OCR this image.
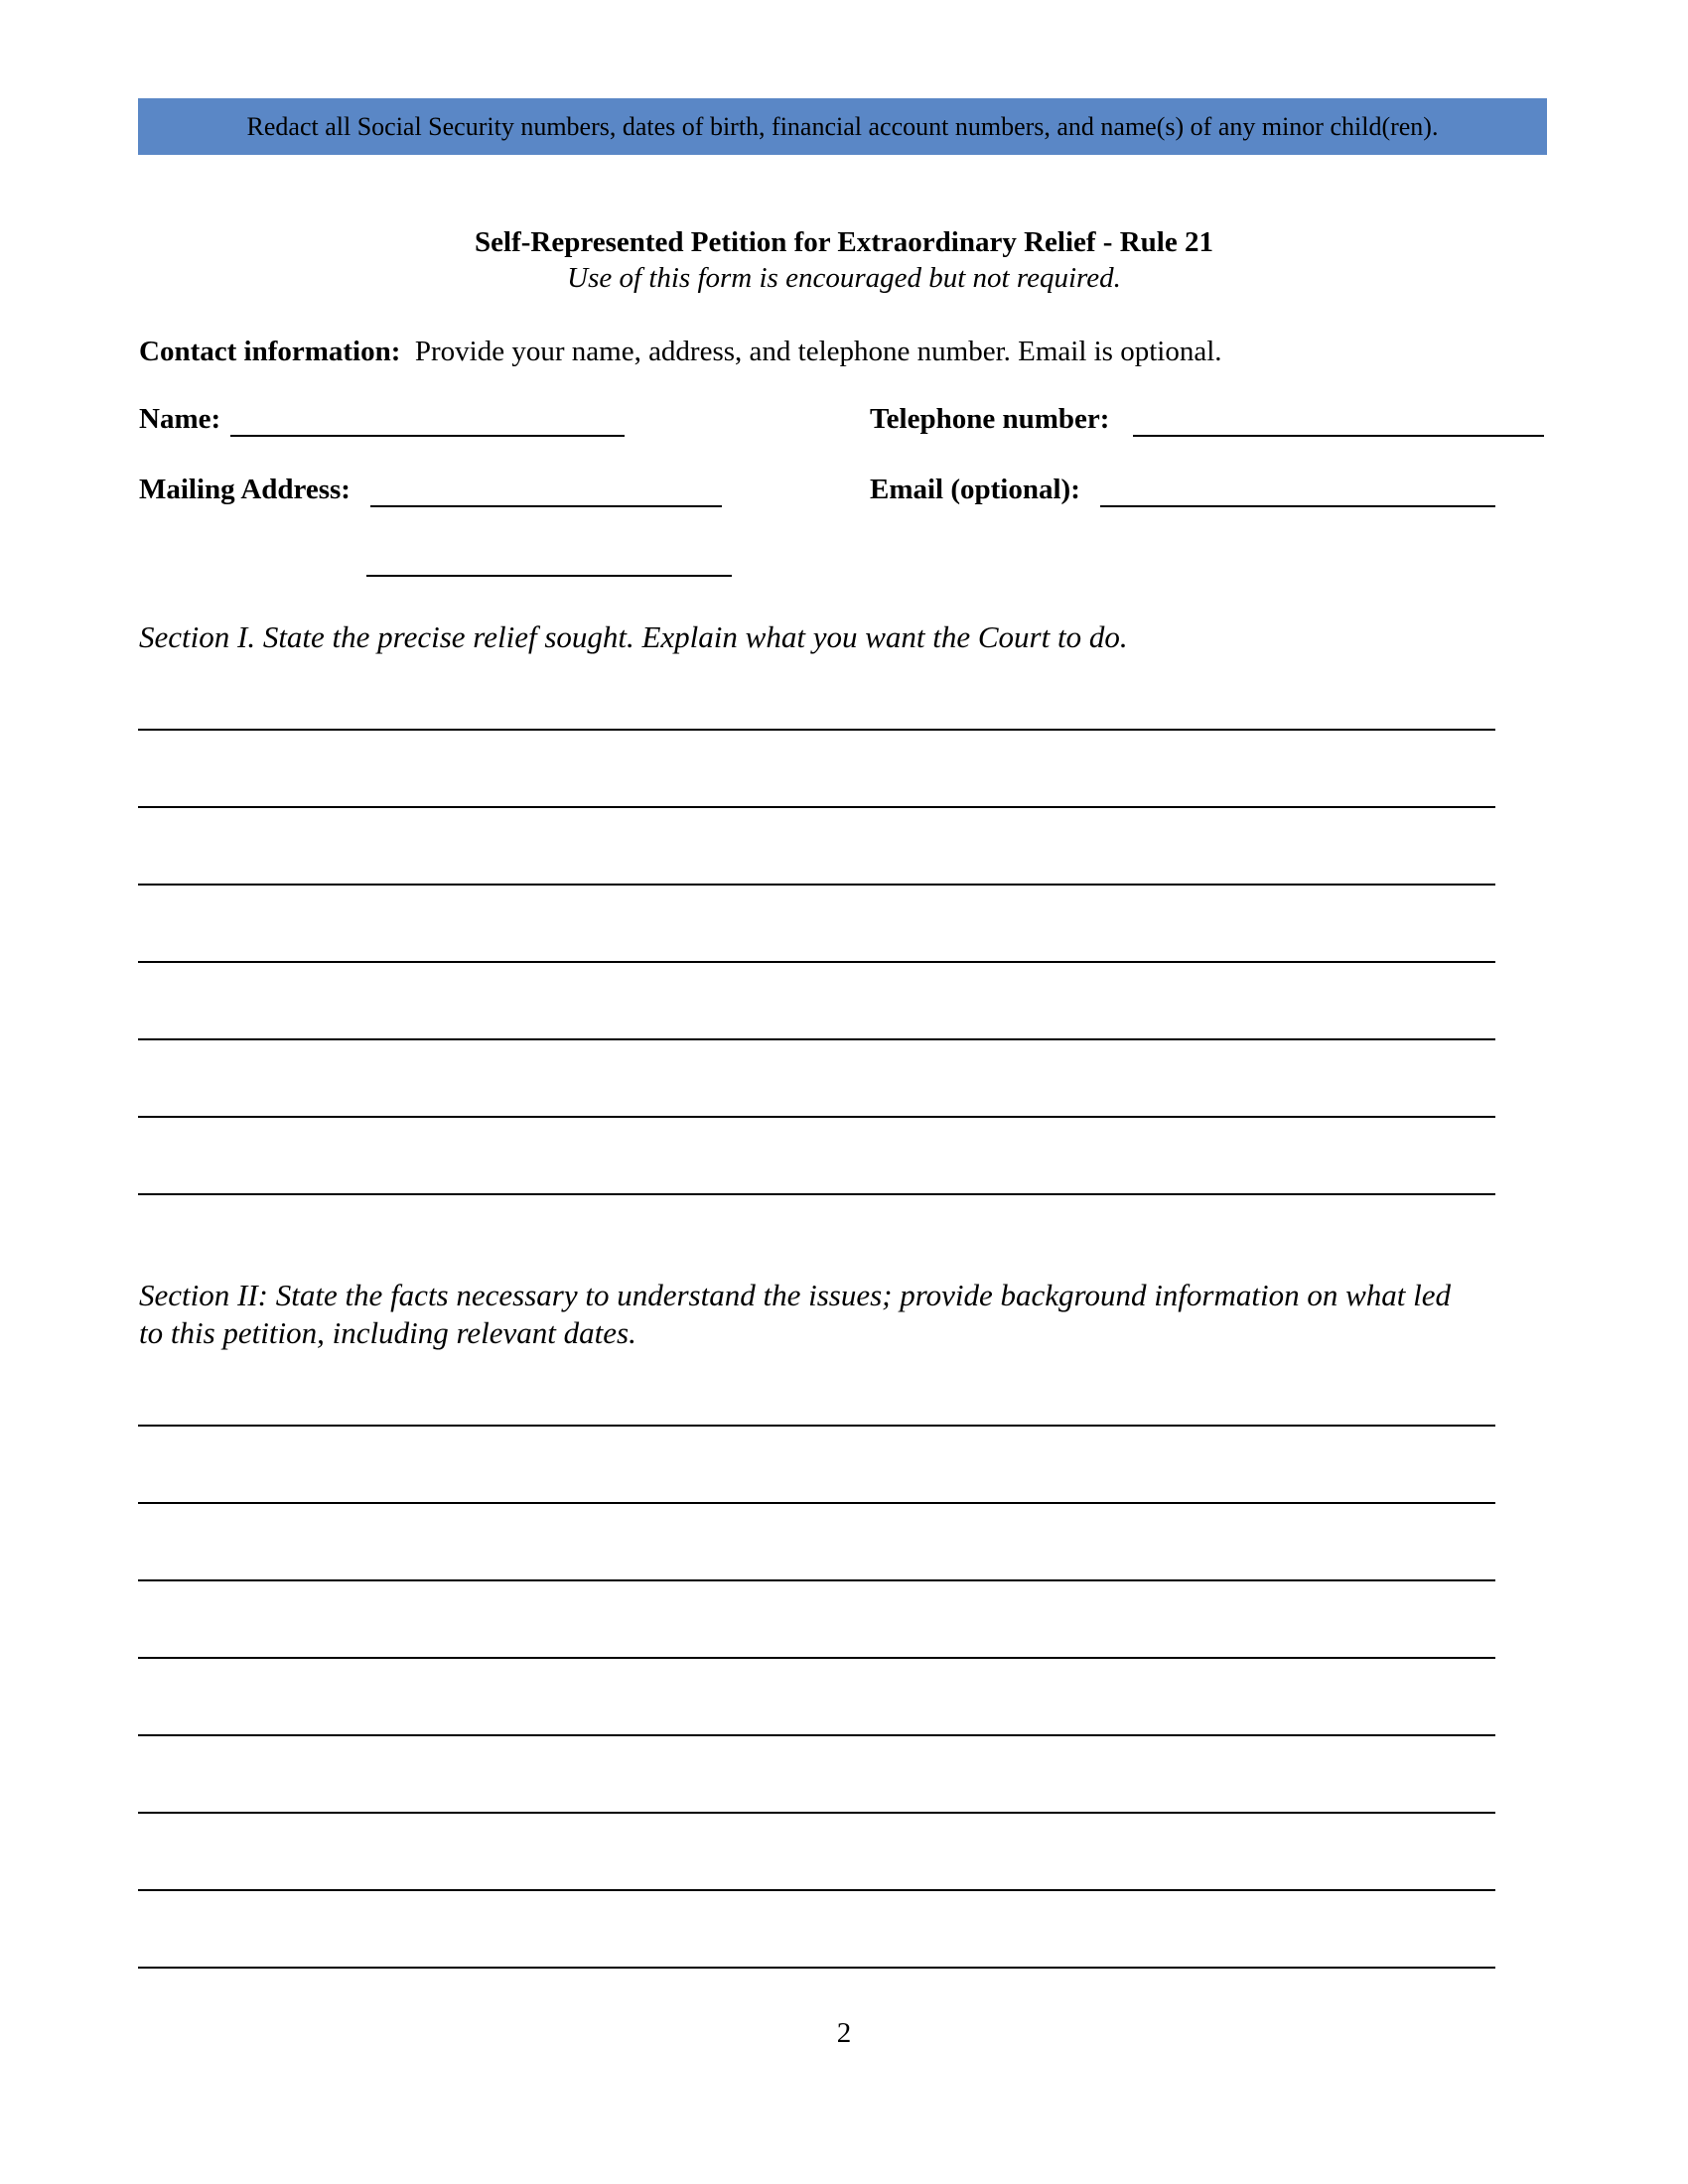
Redact all Social Security numbers, dates of birth, financial account numbers, and name(s) of any minor child(ren).
Self-Represented Petition for Extraordinary Relief - Rule 21
Use of this form is encouraged but not required.
Contact information: Provide your name, address, and telephone number. Email is optional.
Name:	Telephone number:
Mailing Address:	Email (optional):
Section I. State the precise relief sought. Explain what you want the Court to do.
Section II: State the facts necessary to understand the issues; provide background information on what led to this petition, including relevant dates.
2
